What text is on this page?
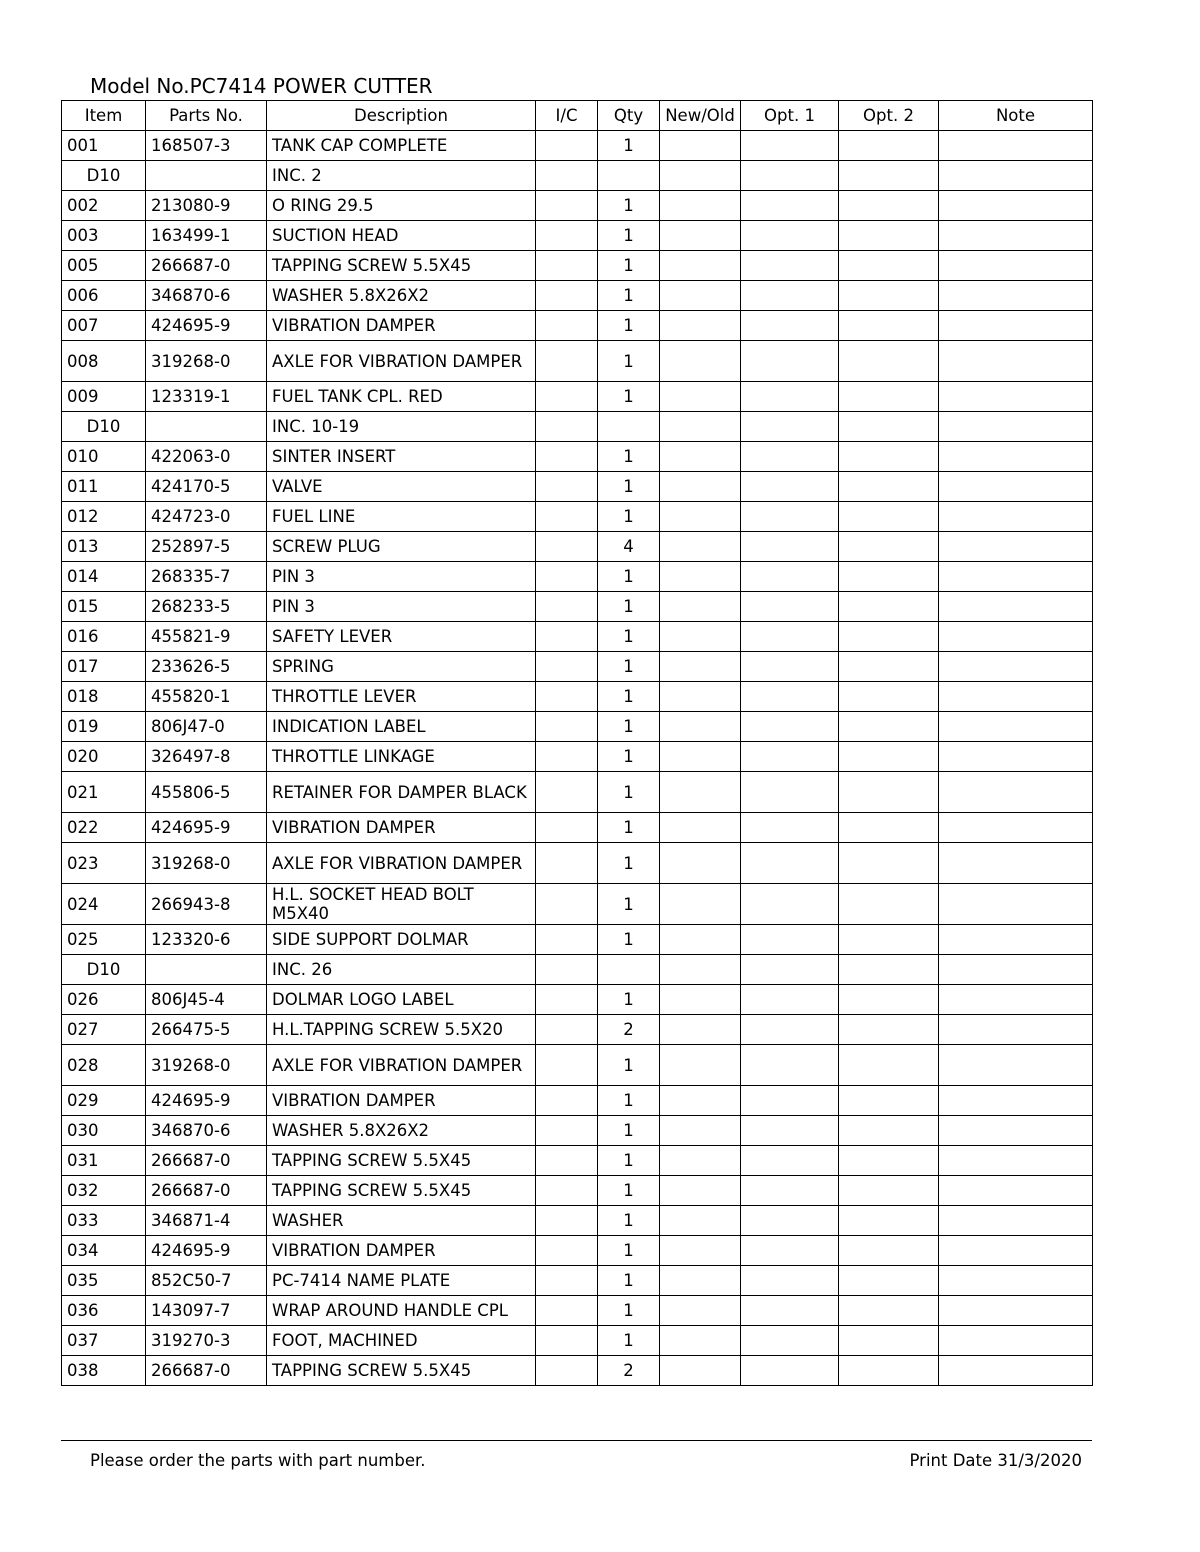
Model No.PC7414 POWER CUTTER
Item	Parts No.	Description	I/C	Qty	New/Old	Opt. 1	Opt. 2	Note
001	168507-3	TANK CAP COMPLETE		1				
D10		INC. 2						
002	213080-9	O RING 29.5		1				
003	163499-1	SUCTION HEAD		1				
005	266687-0	TAPPING SCREW 5.5X45		1				
006	346870-6	WASHER 5.8X26X2		1				
007	424695-9	VIBRATION DAMPER		1				
008	319268-0	AXLE FOR VIBRATION DAMPER		1				
009	123319-1	FUEL TANK CPL. RED		1				
D10		INC. 10-19						
010	422063-0	SINTER INSERT		1				
011	424170-5	VALVE		1				
012	424723-0	FUEL LINE		1				
013	252897-5	SCREW PLUG		4				
014	268335-7	PIN 3		1				
015	268233-5	PIN 3		1				
016	455821-9	SAFETY LEVER		1				
017	233626-5	SPRING		1				
018	455820-1	THROTTLE LEVER		1				
019	806J47-0	INDICATION LABEL		1				
020	326497-8	THROTTLE LINKAGE		1				
021	455806-5	RETAINER FOR DAMPER BLACK		1				
022	424695-9	VIBRATION DAMPER		1				
023	319268-0	AXLE FOR VIBRATION DAMPER		1				
024	266943-8	H.L. SOCKET HEAD BOLT M5X40		1				
025	123320-6	SIDE SUPPORT DOLMAR		1				
D10		INC. 26						
026	806J45-4	DOLMAR LOGO LABEL		1				
027	266475-5	H.L.TAPPING SCREW 5.5X20		2				
028	319268-0	AXLE FOR VIBRATION DAMPER		1				
029	424695-9	VIBRATION DAMPER		1				
030	346870-6	WASHER 5.8X26X2		1				
031	266687-0	TAPPING SCREW 5.5X45		1				
032	266687-0	TAPPING SCREW 5.5X45		1				
033	346871-4	WASHER		1				
034	424695-9	VIBRATION DAMPER		1				
035	852C50-7	PC-7414 NAME PLATE		1				
036	143097-7	WRAP AROUND HANDLE CPL		1				
037	319270-3	FOOT, MACHINED		1				
038	266687-0	TAPPING SCREW 5.5X45		2				
Please order the parts with part number.	Print Date 31/3/2020
